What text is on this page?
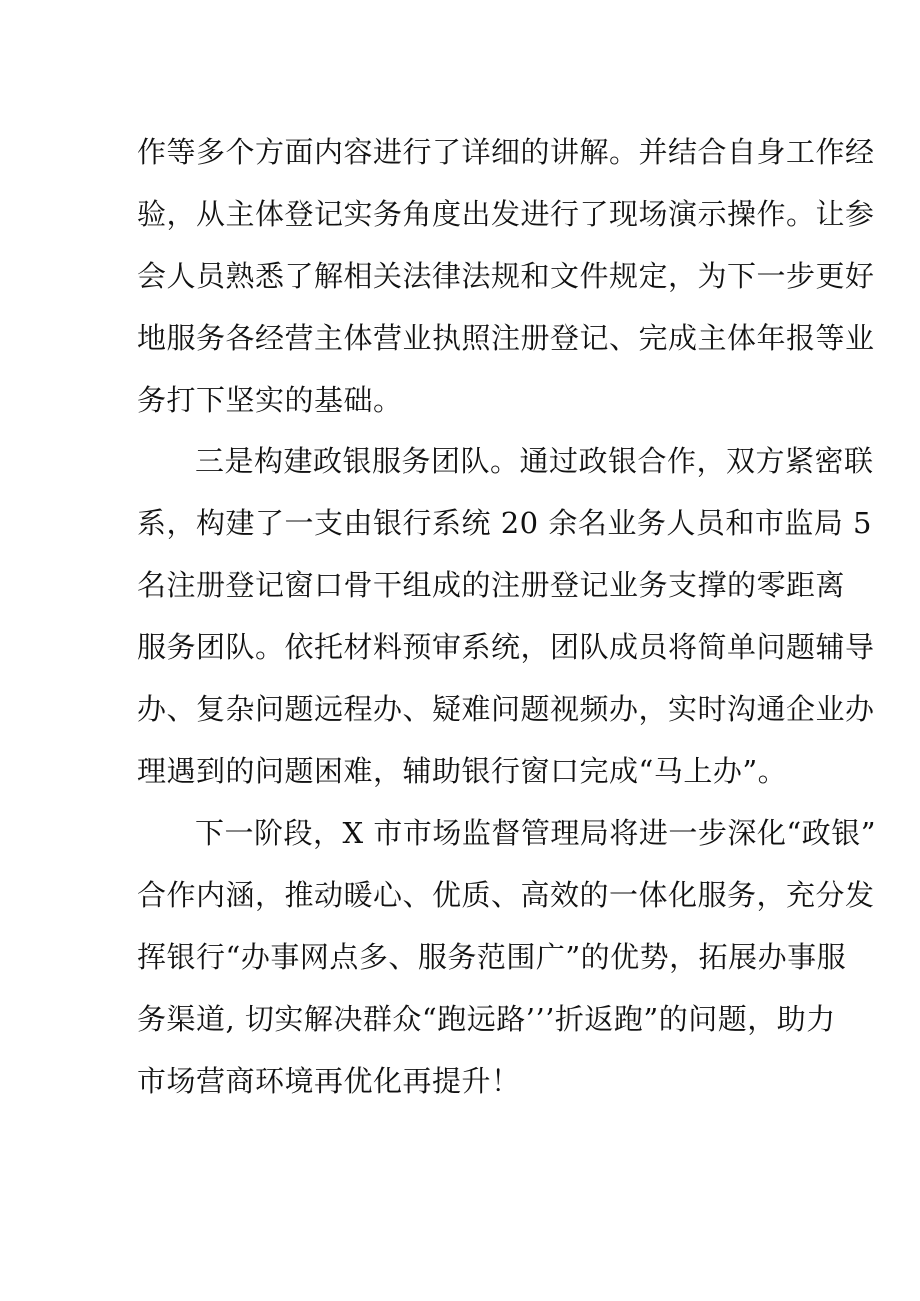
作等多个方面内容进行了详细的讲解。并结合自身工作经
验，从主体登记实务角度出发进行了现场演示操作。让参
会人员熟悉了解相关法律法规和文件规定，为下一步更好
地服务各经营主体营业执照注册登记、完成主体年报等业
务打下坚实的基础。
三是构建政银服务团队。通过政银合作，双方紧密联
系，构建了一支由银行系统 20 余名业务人员和市监局 5
名注册登记窗口骨干组成的注册登记业务支撑的零距离
服务团队。依托材料预审系统，团队成员将简单问题辅导
办、复杂问题远程办、疑难问题视频办，实时沟通企业办
理遇到的问题困难，辅助银行窗口完成“马上办”。
下一阶段，X 市市场监督管理局将进一步深化“政银”
合作内涵，推动暖心、优质、高效的一体化服务，充分发
挥银行“办事网点多、服务范围广”的优势，拓展办事服
务渠道, 切实解决群众“跑远路’’’折返跑”的问题，助力
市场营商环境再优化再提升！
